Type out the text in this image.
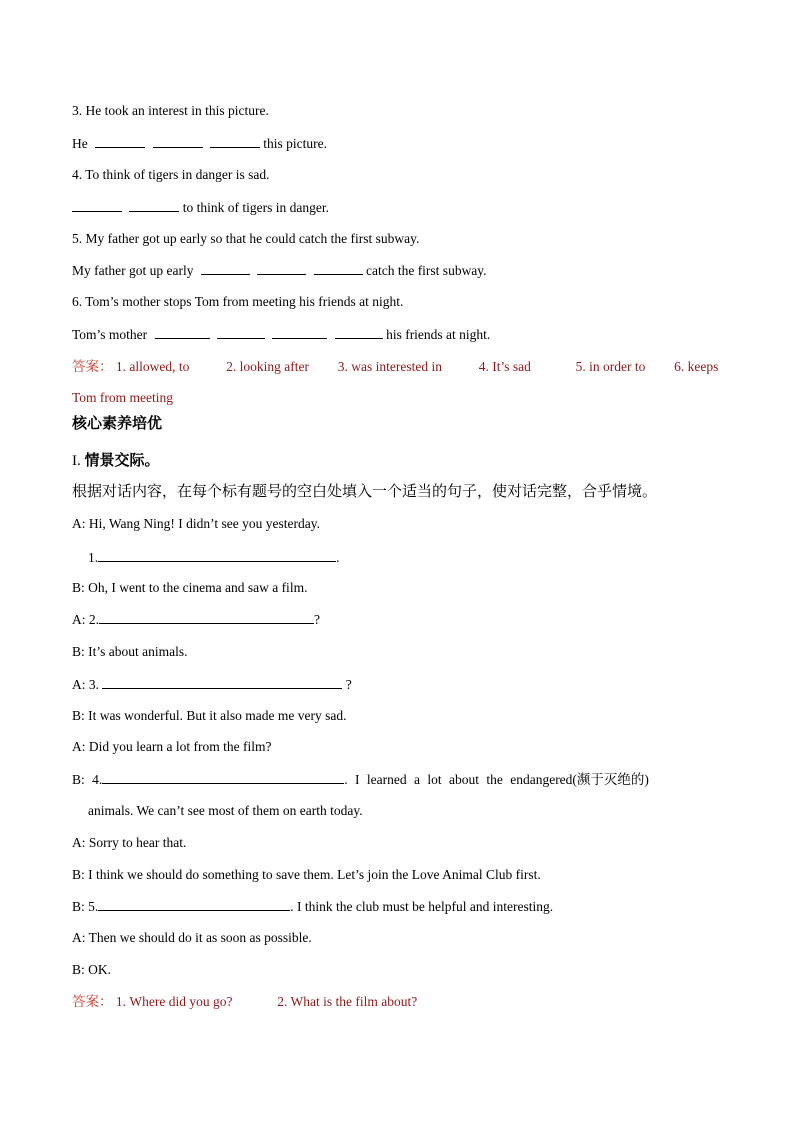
3. He took an interest in this picture.
He	this picture.
4. To think of tigers in danger is sad.
to think of tigers in danger.
5. My father got up early so that he could catch the first subway.
My father got up early	catch the first subway.
6. Tom’s mother stops Tom from meeting his friends at night.
Tom’s mother	his friends at night.
答案： 1. allowed, to	2. looking after 3. was interested in	4. It’s sad	5. in order to 6. keeps
Tom from meeting
核心素养培优
I. 情景交际。
根据对话内容，在每个标有题号的空白处填入一个适当的句子，使对话完整，合乎情境。
A: Hi, Wang Ning! I didn’t see you yesterday.
1.	.
B: Oh, I went to the cinema and saw a film.
A: 2.	?
B: It’s about animals.
A: 3.	?
B: It was wonderful. But it also made me very sad.
A: Did you learn a lot from the film?
B: 4.	. I learned a lot about the endangered(濒于灭绝的)
animals. We can’t see most of them on earth today.
A: Sorry to hear that.
B: I think we should do something to save them. Let’s join the Love Animal Club first.
B: 5.	. I think the club must be helpful and interesting.
A: Then we should do it as soon as possible.
B: OK.
答案： 1. Where did you go?	2. What is the film about?
